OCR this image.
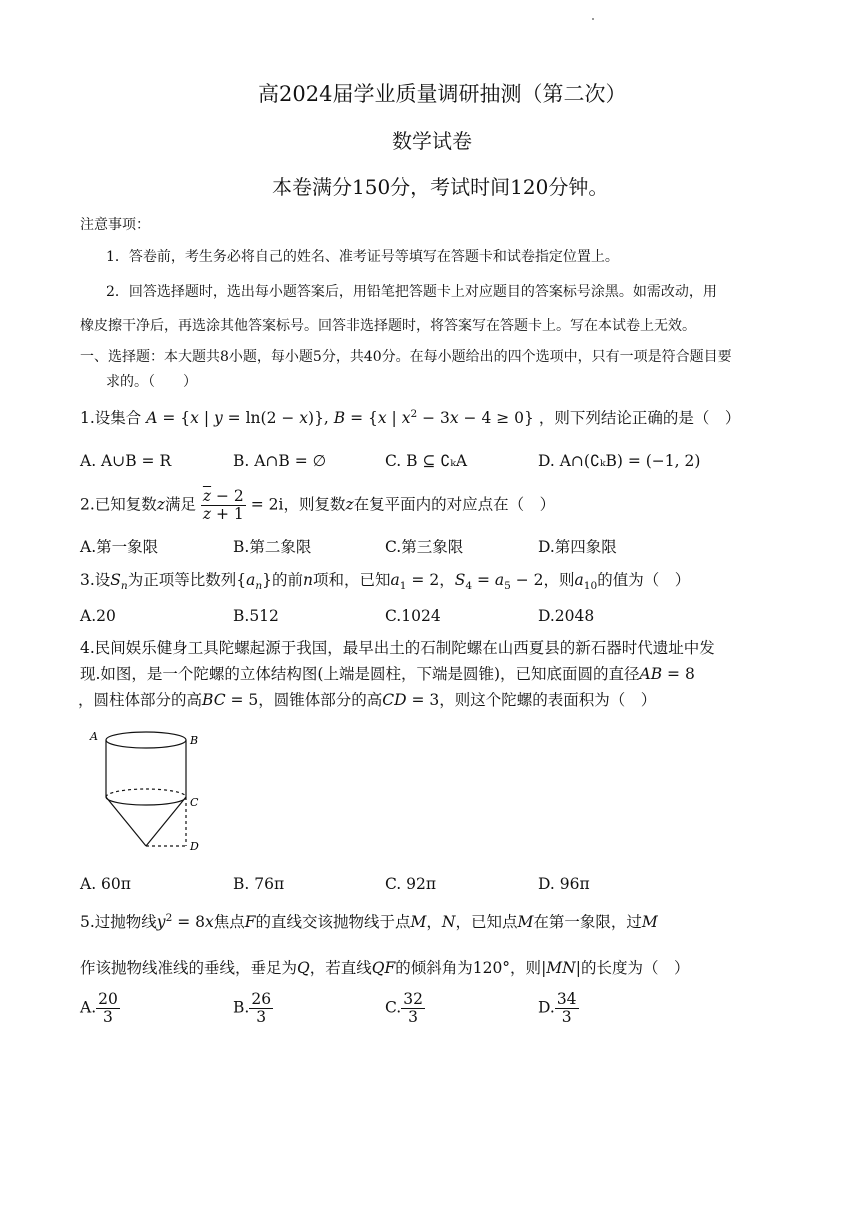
高2024届学业质量调研抽测（第二次）
数学试卷
本卷满分150分，考试时间120分钟。
注意事项：
1．答卷前，考生务必将自己的姓名、准考证号等填写在答题卡和试卷指定位置上。
2．回答选择题时，选出每小题答案后，用铅笔把答题卡上对应题目的答案标号涂黑。如需改动，用
橡皮擦干净后，再选涂其他答案标号。回答非选择题时，将答案写在答题卡上。写在本试卷上无效。
一、选择题：本大题共8小题，每小题5分，共40分。在每小题给出的四个选项中，只有一项是符合题目要
求的。（　　）
1.设集合 A = {x | y = ln(2 − x)}, B = {x | $x^2 - 3x - 4 \ge 0$} ，则下列结论正确的是（　）
A. A∪B = R	B. A∩B = ∅	C. B ⊆ ∁ₖA	D. A∩(∁ₖB) = (−1, 2)
2.已知复数z满足 $\frac{\overline{z} - 2}{z + 1} = 2i$，则复数z在复平面内的对应点在（　）
A.第一象限	B.第二象限	C.第三象限	D.第四象限
3.设$S_n$为正项等比数列$\{a_n\}$的前n项和，已知$a_1 = 2$，$S_4 = a_5 - 2$，则$a_{10}$的值为（　）
A.20	B.512	C.1024	D.2048
4.民间娱乐健身工具陀螺起源于我国，最早出土的石制陀螺在山西夏县的新石器时代遗址中发
现.如图，是一个陀螺的立体结构图(上端是圆柱，下端是圆锥)，已知底面圆的直径AB = 8
，圆柱体部分的高BC = 5，圆锥体部分的高CD = 3，则这个陀螺的表面积为（　）
A	B
C
D
A. 60π	B. 76π	C. 92π	D. 96π
5.过抛物线$y^2 = 8x$焦点F的直线交该抛物线于点M，N，已知点M在第一象限，过M
作该抛物线准线的垂线，垂足为Q，若直线QF的倾斜角为120°，则|MN|的长度为（　）
A. $\frac{20}{3}$	B. $\frac{26}{3}$	C. $\frac{32}{3}$	D. $\frac{34}{3}$
